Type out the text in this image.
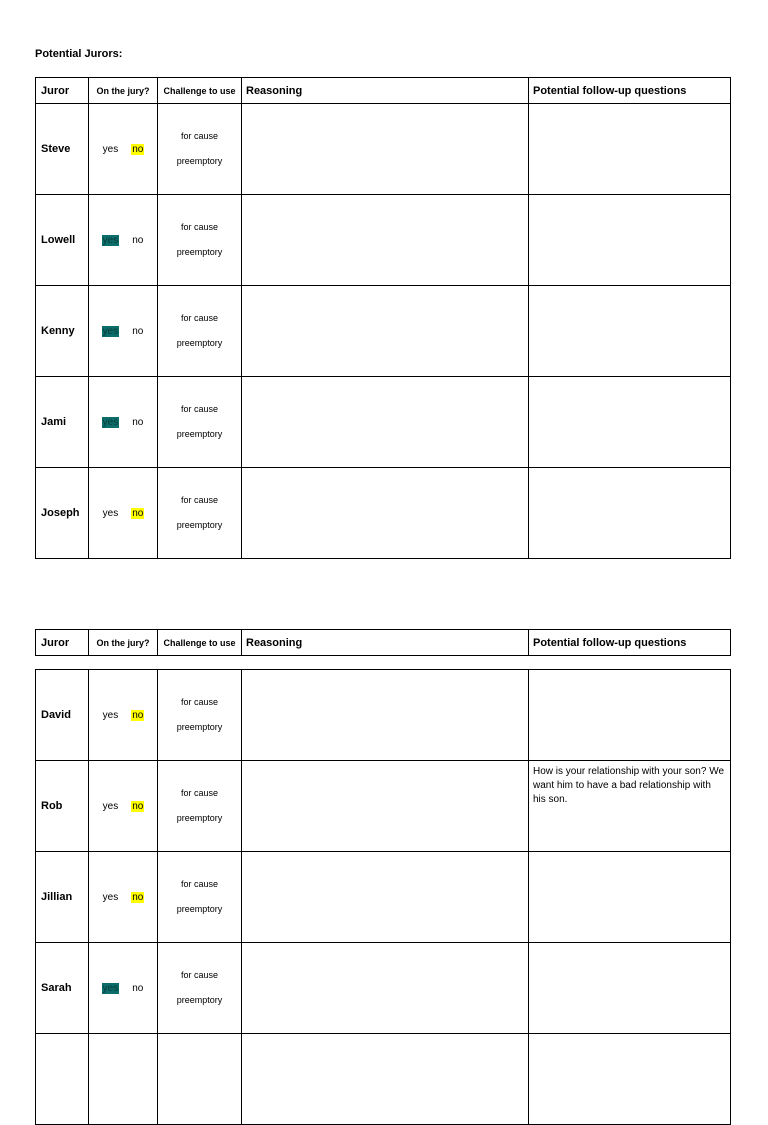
Potential Jurors:
Juror	On the jury?	Challenge to use	Reasoning	Potential follow-up questions
Steve	yes no	for cause
preemptory		

Lowell	yes no	for cause
preemptory		

Kenny	yes no	for cause
preemptory		

Jami	yes no	for cause
preemptory		

Joseph	yes no	for cause
preemptory		

Juror	On the jury?	Challenge to use	Reasoning	Potential follow-up questions
David	yes no	for cause
preemptory		

Rob	yes no	for cause
preemptory		How is your relationship with your son? We want him to have a bad relationship with his son.
Jillian	yes no	for cause
preemptory		

Sarah	yes no	for cause
preemptory		
